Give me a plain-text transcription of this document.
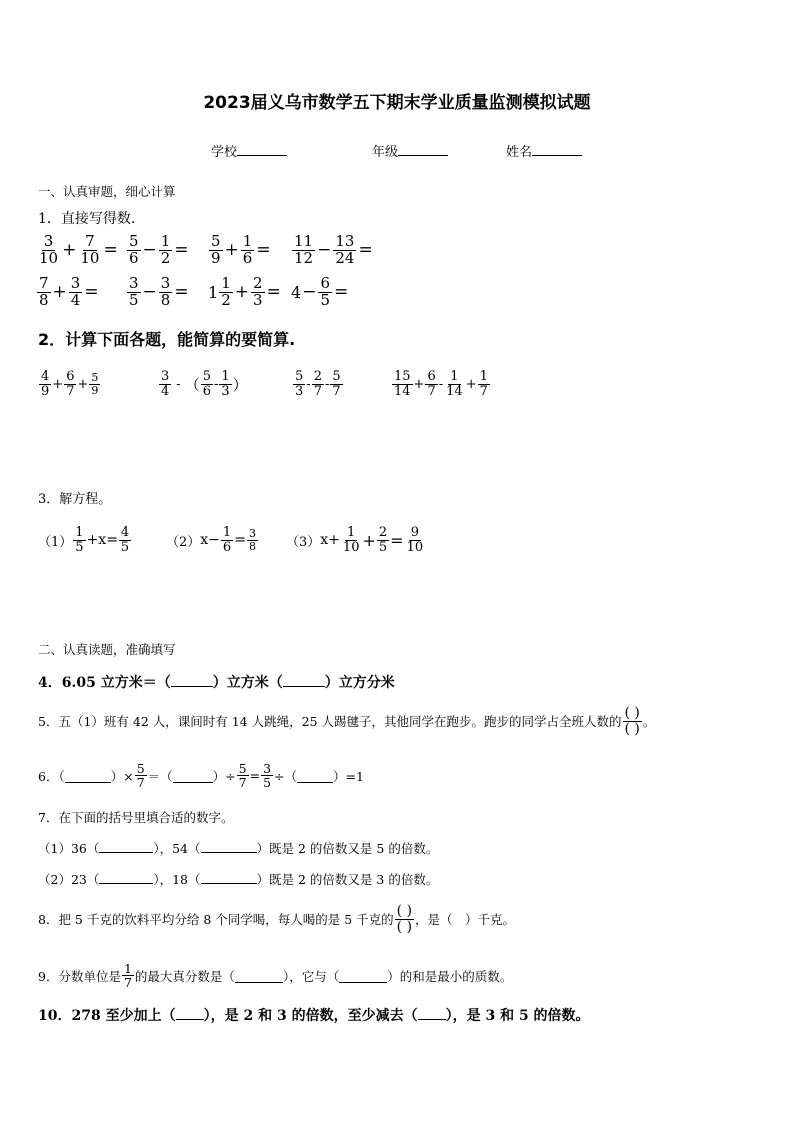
2023届义乌市数学五下期末学业质量监测模拟试题
学校	年级	姓名
一、认真审题，细心计算
1．直接写得数.
$\frac{3}{10} + \frac{7}{10} = \frac{5}{6} - \frac{1}{2} = \frac{5}{9} + \frac{1}{6} = \frac{11}{12} - \frac{13}{24}$ =
$\frac{7}{8} + \frac{3}{4} = \frac{3}{5} - \frac{3}{8} = 1 \frac{1}{2} + \frac{2}{3} = 4 - \frac{6}{5}$ =
2．计算下面各题，能简算的要简算.
$\frac{4}{9} + \frac{6}{7} + \frac{5}{9}$	$\frac{3}{4}$ - （ $\frac{5}{6} - \frac{1}{3}$ ）	$\frac{5}{3} - \frac{2}{7} - \frac{5}{7}$	$\frac{15}{14} + \frac{6}{7} - \frac{1}{14} + \frac{1}{7}$
3．解方程。
$(1) \frac{1}{5} +x= \frac{4}{5}$	（2） $x- \frac{1}{6} = \frac{3}{8} (3)$ $x+ \frac{1}{10} + \frac{2}{5} = \frac{9}{10}$
二、认真读题，准确填写
4．6.05 立方米＝（	）立方米（	）立方分米
5．五（1）班有 42 人，课间时有 14 人跳绳，25 人踢毽子，其他同学在跑步。跑步的同学占全班人数的 $\frac{( )}{( )}$ 。
6．（	）× $\frac{5}{7}$ ＝（	）÷ $\frac{5}{7} = \frac{3}{5}$ ÷（	）=1
7．在下面的括号里填合适的数字。
（1）36（	），54（	）既是 2 的倍数又是 5 的倍数。
（2）23（	），18（	）既是 2 的倍数又是 3 的倍数。
8．把 5 千克的饮料平均分给 8 个同学喝，每人喝的是 5 千克的 $\frac{( )}{( )}$ ，是（　）千克。
9．分数单位是 $\frac{1}{7}$ 的最大真分数是（	），它与（	）的和是最小的质数。
10．278 至少加上（ ），是 2 和 3 的倍数，至少减去（ ），是 3 和 5 的倍数。
